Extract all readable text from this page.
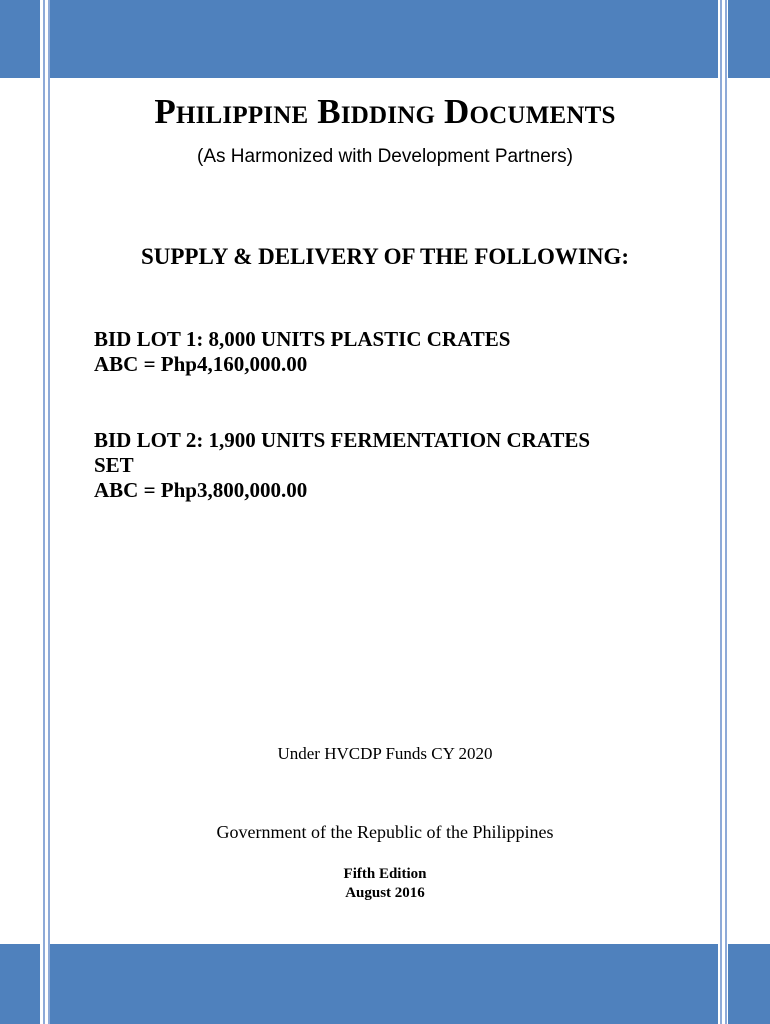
Philippine Bidding Documents
(As Harmonized with Development Partners)
SUPPLY & DELIVERY OF THE FOLLOWING:
BID LOT 1: 8,000 UNITS PLASTIC CRATES
ABC = Php4,160,000.00
BID LOT 2: 1,900 UNITS FERMENTATION CRATES
SET
ABC = Php3,800,000.00
Under HVCDP Funds CY 2020
Government of the Republic of the Philippines
Fifth Edition
August 2016
